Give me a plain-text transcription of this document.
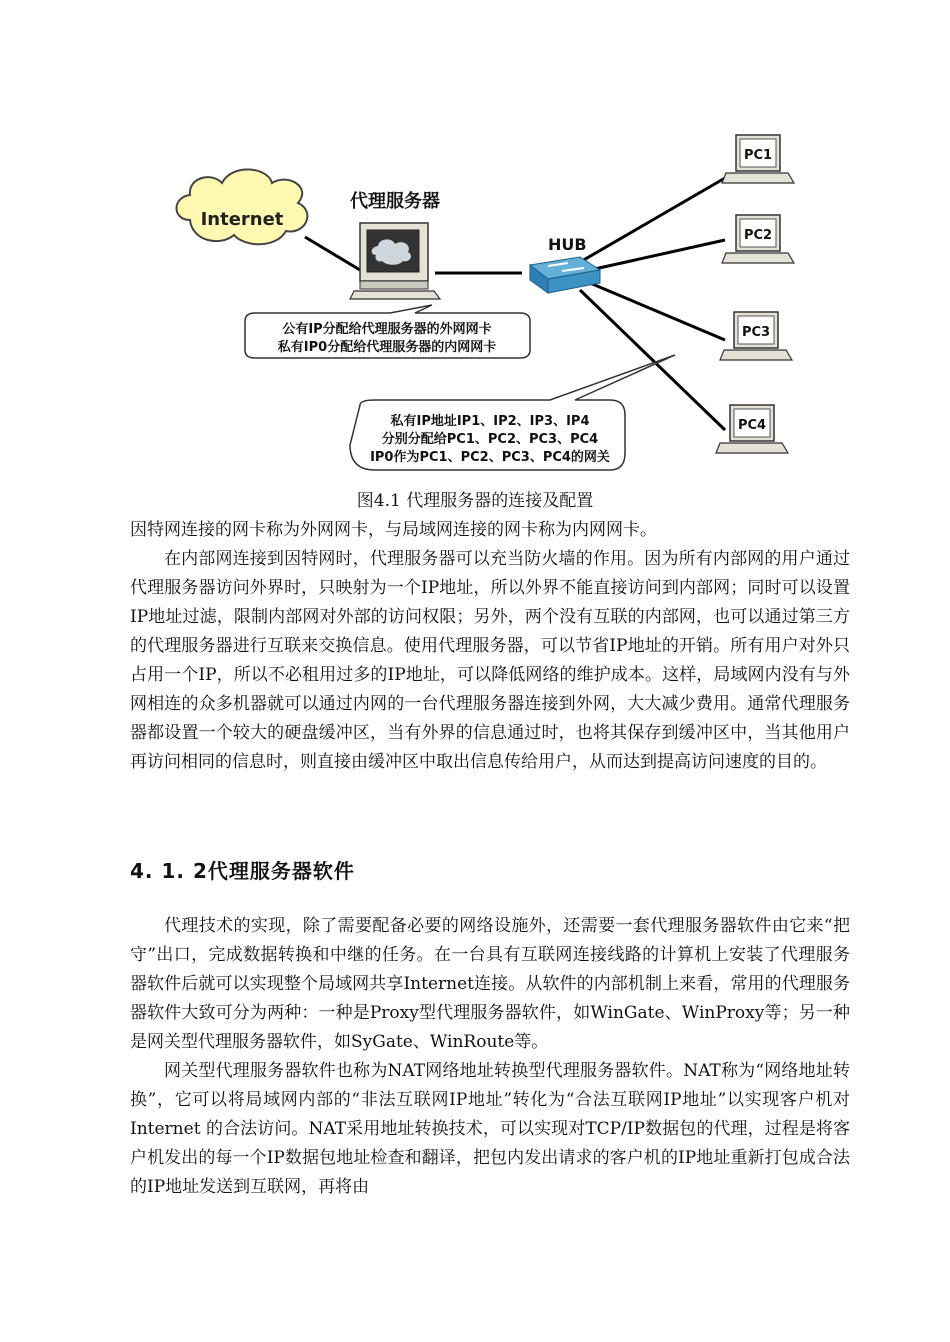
Internet
代理服务器
HUB
PC1
PC2
PC3
PC4
公有IP分配给代理服务器的外网网卡
私有IP0分配给代理服务器的内网网卡
私有IP地址IP1、IP2、IP3、IP4
分别分配给PC1、PC2、PC3、PC4
IP0作为PC1、PC2、PC3、PC4的网关
图4.1 代理服务器的连接及配置

因特网连接的网卡称为外网网卡，与局域网连接的网卡称为内网网卡。

在内部网连接到因特网时，代理服务器可以充当防火墙的作用。因为所有内部网的用户通过代理服务器访问外界时，只映射为一个IP地址，所以外界不能直接访问到内部网；同时可以设置IP地址过滤，限制内部网对外部的访问权限；另外，两个没有互联的内部网，也可以通过第三方的代理服务器进行互联来交换信息。使用代理服务器，可以节省IP地址的开销。所有用户对外只占用一个IP，所以不必租用过多的IP地址，可以降低网络的维护成本。这样，局域网内没有与外网相连的众多机器就可以通过内网的一台代理服务器连接到外网，大大减少费用。通常代理服务器都设置一个较大的硬盘缓冲区，当有外界的信息通过时，也将其保存到缓冲区中，当其他用户再访问相同的信息时，则直接由缓冲区中取出信息传给用户，从而达到提高访问速度的目的。

4. 1. 2代理服务器软件

代理技术的实现，除了需要配备必要的网络设施外，还需要一套代理服务器软件由它来“把守”出口，完成数据转换和中继的任务。在一台具有互联网连接线路的计算机上安装了代理服务器软件后就可以实现整个局域网共享Internet连接。从软件的内部机制上来看，常用的代理服务器软件大致可分为两种：一种是Proxy型代理服务器软件，如WinGate、WinProxy等；另一种是网关型代理服务器软件，如SyGate、WinRoute等。

网关型代理服务器软件也称为NAT网络地址转换型代理服务器软件。NAT称为“网络地址转换”，它可以将局域网内部的“非法互联网IP地址”转化为“合法互联网IP地址”以实现客户机对Internet 的合法访问。NAT采用地址转换技术，可以实现对TCP/IP数据包的代理，过程是将客户机发出的每一个IP数据包地址检查和翻译，把包内发出请求的客户机的IP地址重新打包成合法的IP地址发送到互联网，再将由
